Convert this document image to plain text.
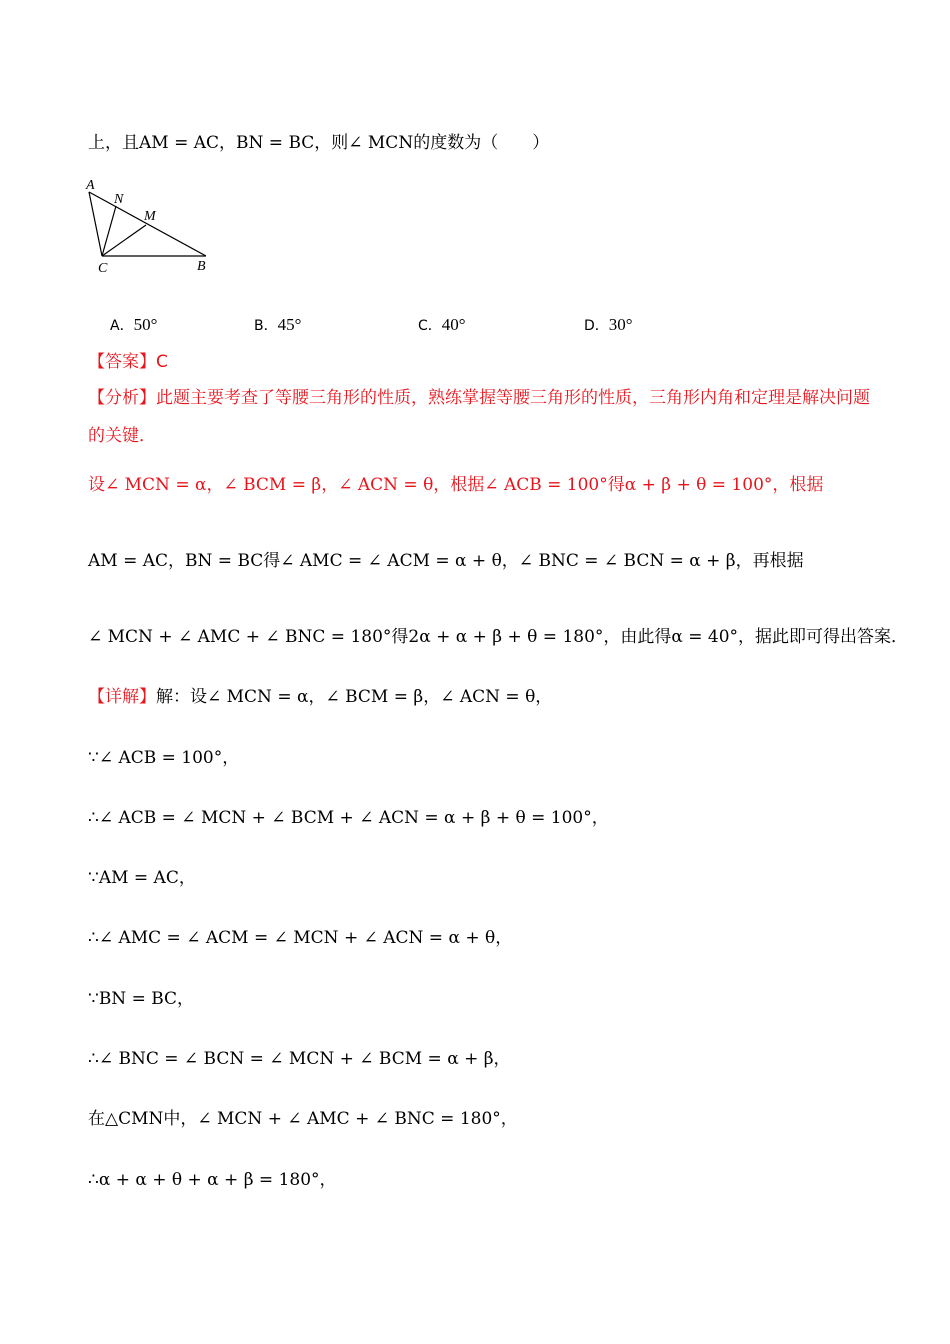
上，且AM = AC，BN = BC，则∠ MCN的度数为（　　）
A
N
M
C	B
A．50°	B．45°	C．40°	D．30°
【答案】C
【分析】此题主要考查了等腰三角形的性质，熟练掌握等腰三角形的性质，三角形内角和定理是解决问题
的关键．
设∠ MCN = α，∠ BCM = β，∠ ACN = θ，根据∠ ACB = 100°得α + β + θ = 100°，根据
AM = AC，BN = BC得∠ AMC = ∠ ACM = α + θ，∠ BNC = ∠ BCN = α + β，再根据
∠ MCN + ∠ AMC + ∠ BNC = 180°得2α + α + β + θ = 180°，由此得α = 40°，据此即可得出答案．
【详解】解：设∠ MCN = α，∠ BCM = β，∠ ACN = θ，
∵∠ ACB = 100°，
∴∠ ACB = ∠ MCN + ∠ BCM + ∠ ACN = α + β + θ = 100°，
∵AM = AC，
∴∠ AMC = ∠ ACM = ∠ MCN + ∠ ACN = α + θ，
∵BN = BC，
∴∠ BNC = ∠ BCN = ∠ MCN + ∠ BCM = α + β，
在△CMN中，∠ MCN + ∠ AMC + ∠ BNC = 180°，
∴α + α + θ + α + β = 180°，
